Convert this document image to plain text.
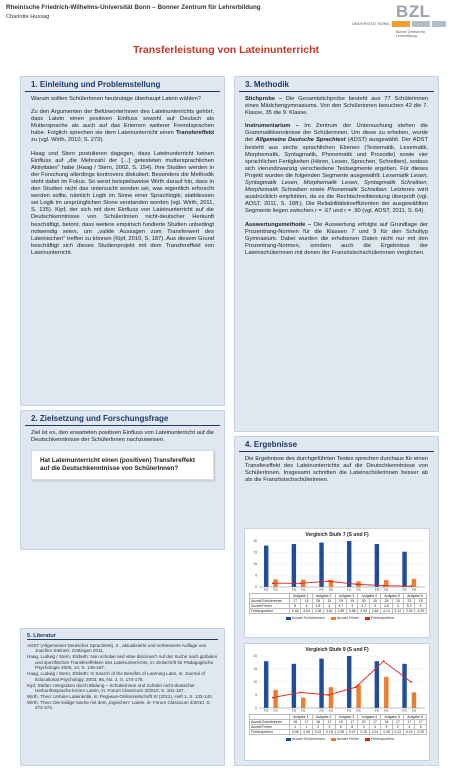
Rheinische Friedrich-Wilhelms-Universität Bonn – Bonner Zentrum für Lehrerbildung
Charlotte Hussag	BZL
UNIVERSITÄT BONN
Bonner Zentrum für Lehrerbildung
Transferleistung von Lateinunterricht
1. Einleitung und Problemstellung

Warum sollten SchülerInnen heutzutage überhaupt Latein wählen?

Zu den Argumenten der BefürworterInnen des Lateinunterrichts gehört, dass Latein einen positiven Einfluss sowohl auf Deutsch als Muttersprache als auch auf das Erlernen weiterer Fremdsprachen habe. Folglich sprechen sie dem Lateinunterricht einen Transfereffekt zu (vgl. Wirth, 2010, S. 273).

Haag und Stern postulieren dagegen, dass Lateinunterricht keinen Einfluss auf „die Mehrzahl der […] getesteten muttersprachlichen Aktivitaten" habe (Haag / Stern, 2002, S. 154). Ihre Studien werden in der Forschung allerdings kontrovers diskutiert. Besonders die Methodik steht dabei im Fokus. So weist beispielsweise Wirth darauf hin, dass in den Studien nicht das untersucht worden sei, was eigentlich erforscht werden sollte, nämlich Logik im Sinne einer Sprachlogik; stattdessen sei Logik im ursprünglichen Sinne verstanden worden (vgl. Wirth, 2011, S. 135). Kipf, der sich mit dem Einfluss von Lateinunterricht auf die Deutschkenntnisse von SchülerInnen nicht-deutscher Herkunft beschäftigt, betont, dass weitere empirisch fundierte Studien unbedingt notwendig seien, um „valide Aussagen zum Transferwert des Lateinischen" treffen zu können (Kipf, 2010, S. 187). Aus diesem Grund beschäftigt sich dieses Studienprojekt mit dem Transfereffekt von Lateinunterricht.

2. Zielsetzung und Forschungsfrage

Ziel ist es, den erwarteten positiven Einfluss von Lateinunterricht auf die Deutschkenntnisse der SchülerInnen nachzuweisen.

Hat Lateinunterricht einen (positiven) Transfereffekt auf die Deutschkenntnisse von SchülerInnen?
5. Literatur
ADST (Allgemeiner Deutscher Sprachtest), 2., aktualisierte und verbesserte Auflage von Joachim Steinert, Göttingen 2011.
Haag, Ludwig / Stern, Elsbeth: Non scholae sed vitae discimus? Auf der Suche nach globalen und spezifischen Transfereffekten des Lateinunterrichts, in: Zeitschrift für Pädagogische Psychologie 2000, 14, S. 146-157.
Haag, Ludwig / Stern, Elsbeth: In Search of the Benefits of Learning Latin, in: Journal of Educational Psychology, 2003, 95, No. 2, S. 174-178.
Kipf, Stefan: Integration durch Bildung – Schülerinnen und Schüler nicht-deutscher Herkunftssprache lernen Latein, in: Forum Classicum 3/2010, S. 181-197.
Wirth, Theo: Unfaire Lateinkritik, in: Pegasus-Onlinezeitschrift XI (2011), Heft 1, S. 133-140.
Wirth, Theo: Die leidige Sache mit dem „logischen" Latein, in: Forum Classicum 4/2010, S. 272-274.
3. Methodik

Stichprobe – Die Gesamtstichprobe besteht aus 77 Schülerinnen eines Mädchengymnasiums. Von den Schülerinnen besuchen 42 die 7. Klasse, 35 die 9. Klasse.

Instrumentarium – Im Zentrum der Untersuchung stehen die Grammatikkenntnisse der Schülerinnen. Um diese zu erheben, wurde der Allgemeine Deutsche Sprachtest (ADST) ausgewählt. Der ADST besteht aus sechs sprachlichen Ebenen (Textematik, Lexematik, Morphematik, Syntagmatik, Phonematik und Prosodie) sowie vier sprachlichen Fertigkeiten (Hören, Lesen, Sprechen, Schreiben), sodass sich vierundzwanzig verschiedene Testsegmente ergeben. Für dieses Projekt wurden die folgenden Segmente ausgewählt: Lexematik Lesen, Syntagmatik Lesen, Morphematik Lesen, Syntagmatik Schreiben, Morphematik Schreiben sowie Phonematik Schreiben. Letzteres wird ausdrücklich empfohlen, da es die Rechtschreibleistung überprüft (vgl. ADST, 2011, S. 16ff.). Die Reliabilitätskoeffizienten der ausgewählten Segmente liegen zwischen r = .67 und r = .90 (vgl. ADST, 2011, S. 64).

Auswertungsmethode – Die Auswertung erfolgte auf Grundlage der Prozentrang-Normen für die Klassen 7 und 9 für den Schultyp Gymnasium. Dabei wurden die erhobenen Daten nicht nur mit den Prozentrang-Normen, sondern auch die Ergebnisse der Lateinschülerinnen mit denen der Französischschülerinnen verglichen.

4. Ergebnisse

Die Ergebnisse des durchgeführten Testes sprechen durchaus für einen Transfereffekt des Lateinunterrichts auf die Deutschkenntnisse von SchülerInnen. Insgesamt schnitten die Lateinschülerinnen besser ab als die Französischschülerinnen.

Vergleich Stufe 7 (S und F)
FS FS	FS FS	FS FS	FS FS	FS FS	FS FS
0
8
15
23
30
	Aufgabe 1		Aufgabe 2		Aufgabe 3		Aufgabe 4		Aufgabe 5		Aufgabe 6	
Anzahl Schülerinnen	27	15	28	15	29	15	30	15	28	15	23	15
Anzahl Fehler	5	4	4.8	4	4.7	3	3.7	3	4.5	3	5.3	4
Fehlerquotient	2.46	4.54	2.38	3.81	1.85	0.86	3.33	1.86	4.14	2.12	2.39	4.29
Anzahl Schülerinnen	Anzahl Fehler	Fehlerquotient
Vergleich Stufe 9 (S und F)
FS FS	FS FS	FS FS	FS FS	FS FS	FS FS
0
5
10
15
20
	Aufgabe 1		Aufgabe 2		Aufgabe 3		Aufgabe 4		Aufgabe 5		Aufgabe 6	
Anzahl Schülerinnen	18	17	18	17	19	17	20	17	18	17	17	17
Anzahl Fehler	1	1	4	3	5	8	3	4	5	2	4	5
Fehlerquotient	0.06	0.06	0.22	0.18	0.26	0.47	0.15	0.24	0.28	0.12	0.24	0.29
Anzahl Schülerinnen	Anzahl Fehler	Fehlerquotient
